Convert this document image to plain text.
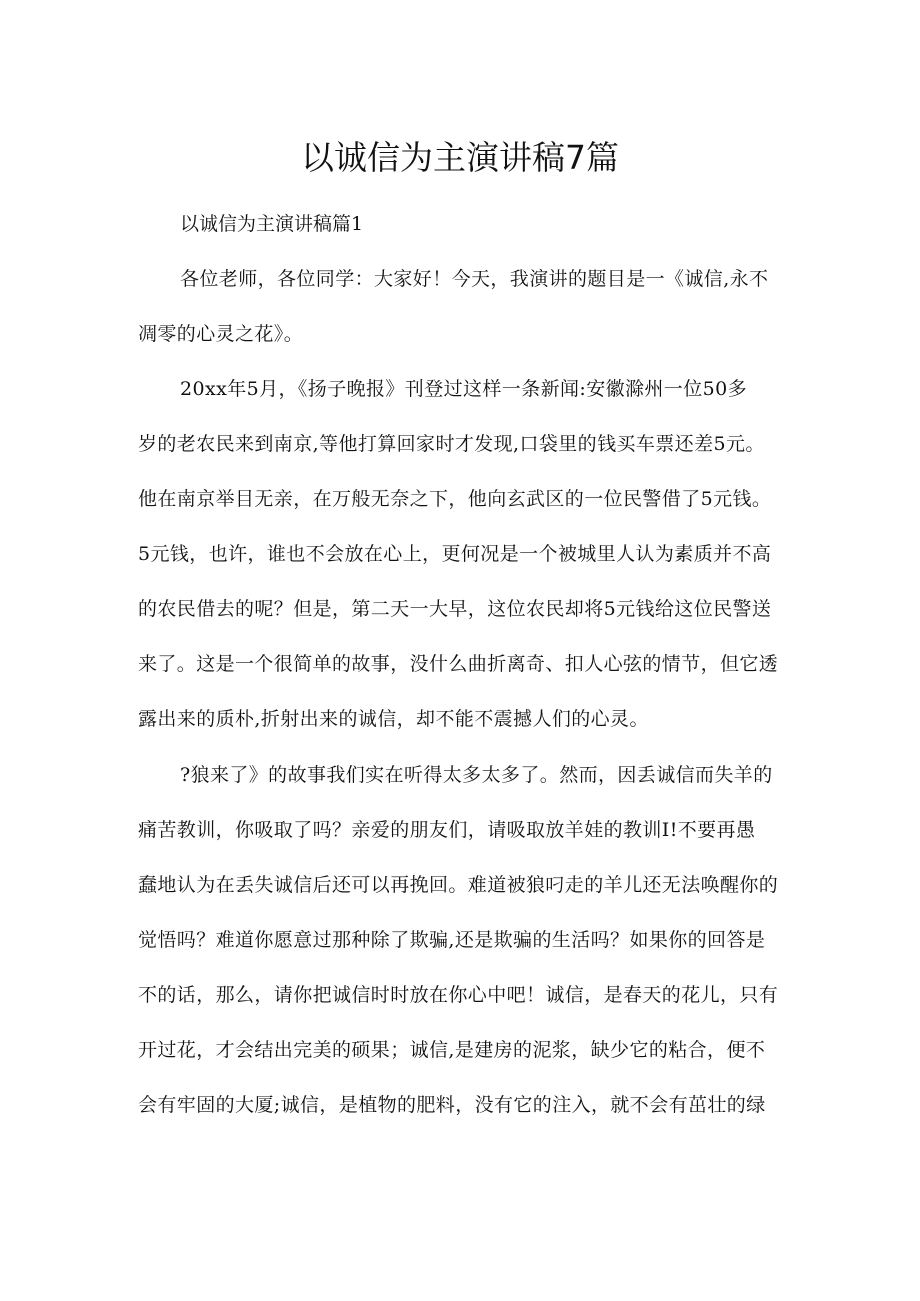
以诚信为主演讲稿7篇

以诚信为主演讲稿篇1

各位老师，各位同学：大家好！今天，我演讲的题目是一《诚信,永不
凋零的心灵之花》。
20xx年5月，《扬子晚报》刊登过这样一条新闻:安徽滁州一位50多
岁的老农民来到南京,等他打算回家时才发现,口袋里的钱买车票还差5元。
他在南京举目无亲，在万般无奈之下，他向玄武区的一位民警借了5元钱。
5元钱，也许，谁也不会放在心上，更何况是一个被城里人认为素质并不高
的农民借去的呢？但是，第二天一大早，这位农民却将5元钱给这位民警送
来了。这是一个很简单的故事，没什么曲折离奇、扣人心弦的情节，但它透
露出来的质朴,折射出来的诚信，却不能不震撼人们的心灵。
?狼来了》的故事我们实在听得太多太多了。然而，因丢诚信而失羊的
痛苦教训，你吸取了吗？亲爱的朋友们，请吸取放羊娃的教训I!不要再愚
蠢地认为在丢失诚信后还可以再挽回。难道被狼叼走的羊儿还无法唤醒你的
觉悟吗？难道你愿意过那种除了欺骗,还是欺骗的生活吗？如果你的回答是
不的话，那么，请你把诚信时时放在你心中吧！诚信，是春天的花儿，只有
开过花，才会结出完美的硕果；诚信,是建房的泥浆，缺少它的粘合，便不
会有牢固的大厦;诚信，是植物的肥料，没有它的注入，就不会有茁壮的绿
